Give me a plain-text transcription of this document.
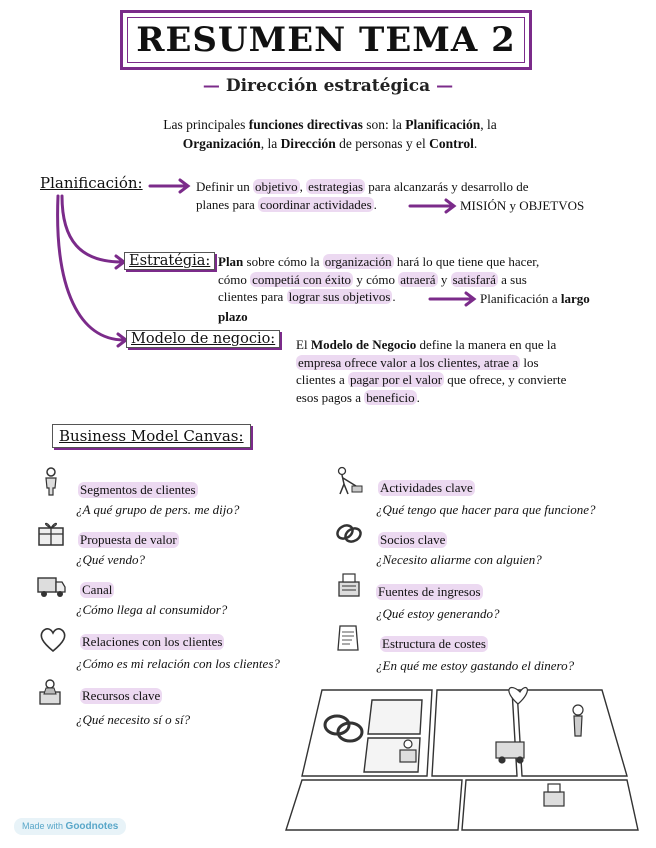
RESUMEN TEMA 2
— Dirección estratégica —
Las principales funciones directivas son: la Planificación, la
Organización, la Dirección de personas y el Control.
Planificación:	Definir un objetivo , estrategias para alcanzarás y desarrollo de
planes para coordinar actividades .	MISIÓN y OBJETVOS
Estratégia: Plan sobre cómo la organización hará lo que tiene que hacer,
cómo competiá con éxito y cómo atraerá y satisfará a sus
clientes para lograr sus objetivos .	Planificación a largo
plazo
Modelo de negocio:	El Modelo de Negocio define la manera en que la
empresa ofrece valor a los clientes, atrae a los
clientes a pagar por el valor que ofrece, y convierte
esos pagos a beneficio .
Business Model Canvas:
Segmentos de clientes
¿A qué grupo de pers. me dijo?
Propuesta de valor
¿Qué vendo?
Canal
¿Cómo llega al consumidor?
Relaciones con los clientes
¿Cómo es mi relación con los clientes?
Recursos clave
¿Qué necesito sí o sí?
Actividades clave
¿Qué tengo que hacer para que funcione?
Socios clave
¿Necesito aliarme con alguien?
Fuentes de ingresos
¿Qué estoy generando?
Estructura de costes
¿En qué me estoy gastando el dinero?
Made with Goodnotes
